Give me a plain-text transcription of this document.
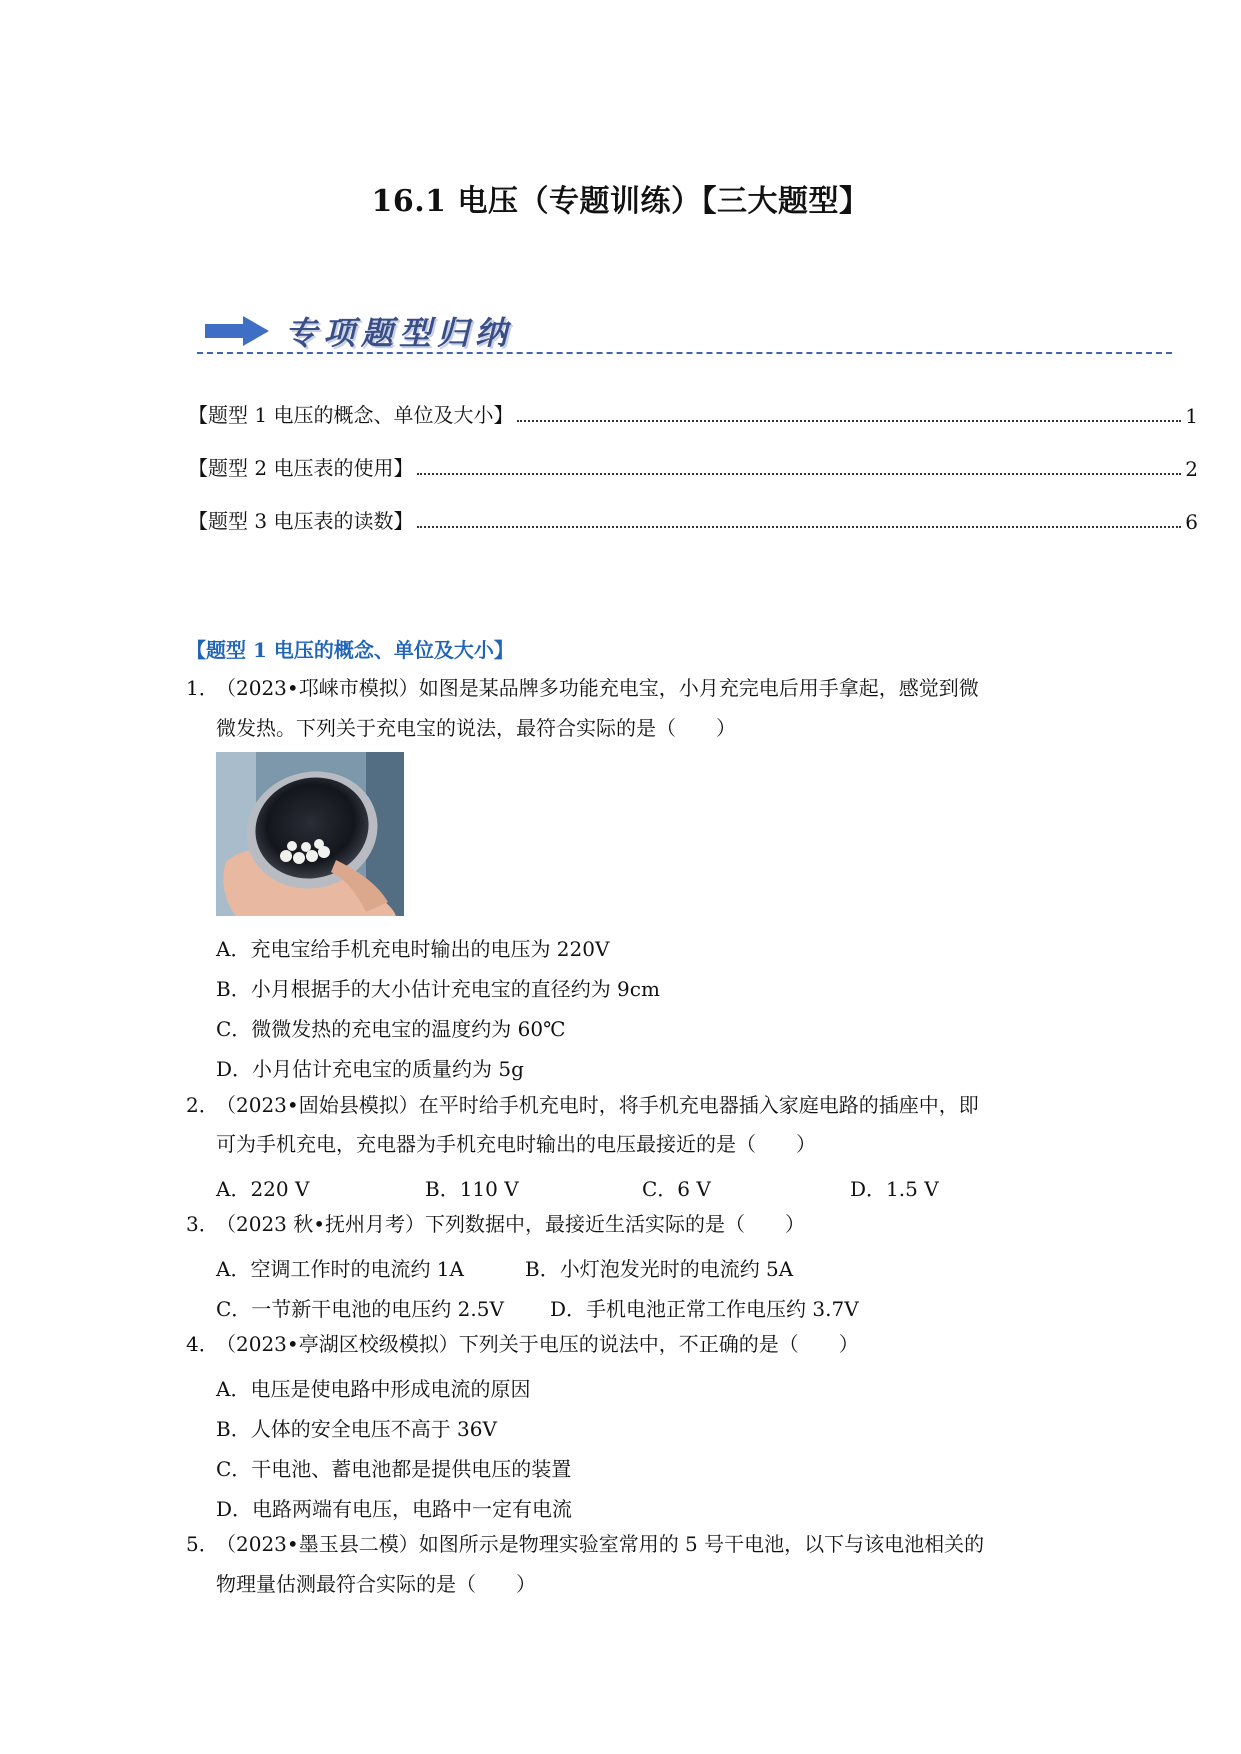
16.1 电压（专题训练）【三大题型】
专项题型归纳
【题型 1 电压的概念、单位及大小】	1
【题型 2 电压表的使用】	2
【题型 3 电压表的读数】	6
【题型 1 电压的概念、单位及大小】
1．
（2023•邛崃市模拟）如图是某品牌多功能充电宝，小月充完电后用手拿起，感觉到微
微发热。下列关于充电宝的说法，最符合实际的是（　　）
A．充电宝给手机充电时输出的电压为 220V
B．小月根据手的大小估计充电宝的直径约为 9cm
C．微微发热的充电宝的温度约为 60℃
D．小月估计充电宝的质量约为 5g
2．
（2023•固始县模拟）在平时给手机充电时，将手机充电器插入家庭电路的插座中，即
可为手机充电，充电器为手机充电时输出的电压最接近的是（　　）
A．220 V	B．110 V	C．6 V	D．1.5 V
3．
（2023 秋•抚州月考）下列数据中，最接近生活实际的是（　　）
A．空调工作时的电流约 1A	B．小灯泡发光时的电流约 5A
C．一节新干电池的电压约 2.5V D．手机电池正常工作电压约 3.7V
4．
（2023•亭湖区校级模拟）下列关于电压的说法中，不正确的是（　　）
A．电压是使电路中形成电流的原因
B．人体的安全电压不高于 36V
C．干电池、蓄电池都是提供电压的装置
D．电路两端有电压，电路中一定有电流
5．
（2023•墨玉县二模）如图所示是物理实验室常用的 5 号干电池，以下与该电池相关的
物理量估测最符合实际的是（　　）
